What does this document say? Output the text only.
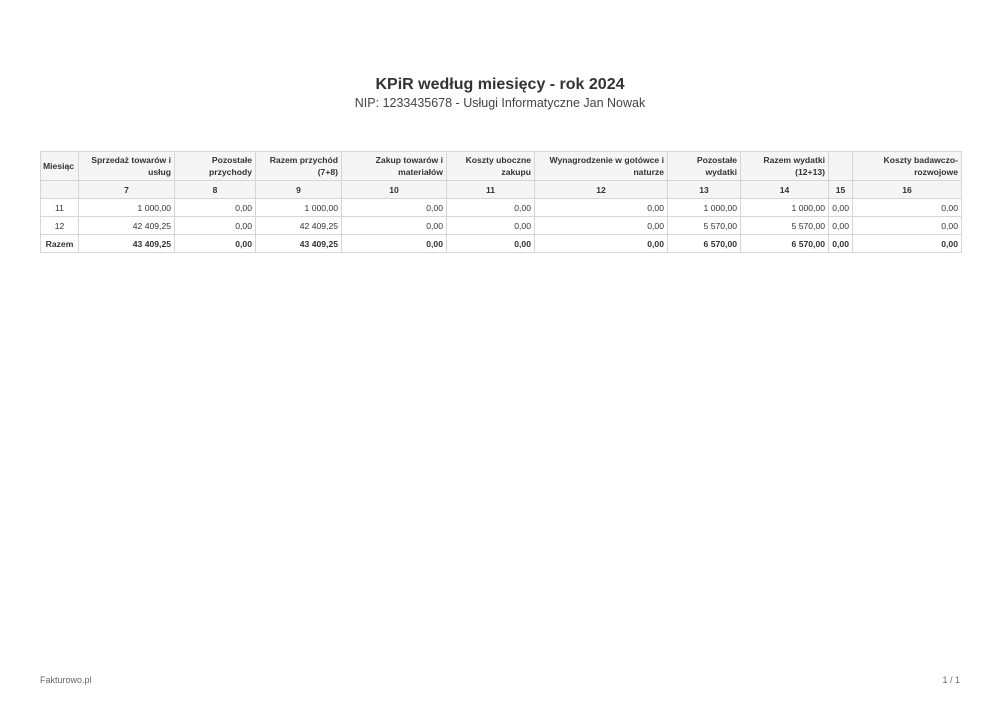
KPiR według miesięcy - rok 2024
NIP: 1233435678 - Usługi Informatyczne Jan Nowak
Miesiąc	Sprzedaż towarów i usług	Pozostałe przychody	Razem przychód (7+8)	Zakup towarów i materiałów	Koszty uboczne zakupu	Wynagrodzenie w gotówce i naturze	Pozostałe wydatki	Razem wydatki (12+13)		Koszty badawczo-rozwojowe
	7	8	9	10	11	12	13	14	15	16
11	1 000,00	0,00	1 000,00	0,00	0,00	0,00	1 000,00	1 000,00	0,00	0,00
12	42 409,25	0,00	42 409,25	0,00	0,00	0,00	5 570,00	5 570,00	0,00	0,00
Razem	43 409,25	0,00	43 409,25	0,00	0,00	0,00	6 570,00	6 570,00	0,00	0,00
Fakturowo.pl	1 / 1
